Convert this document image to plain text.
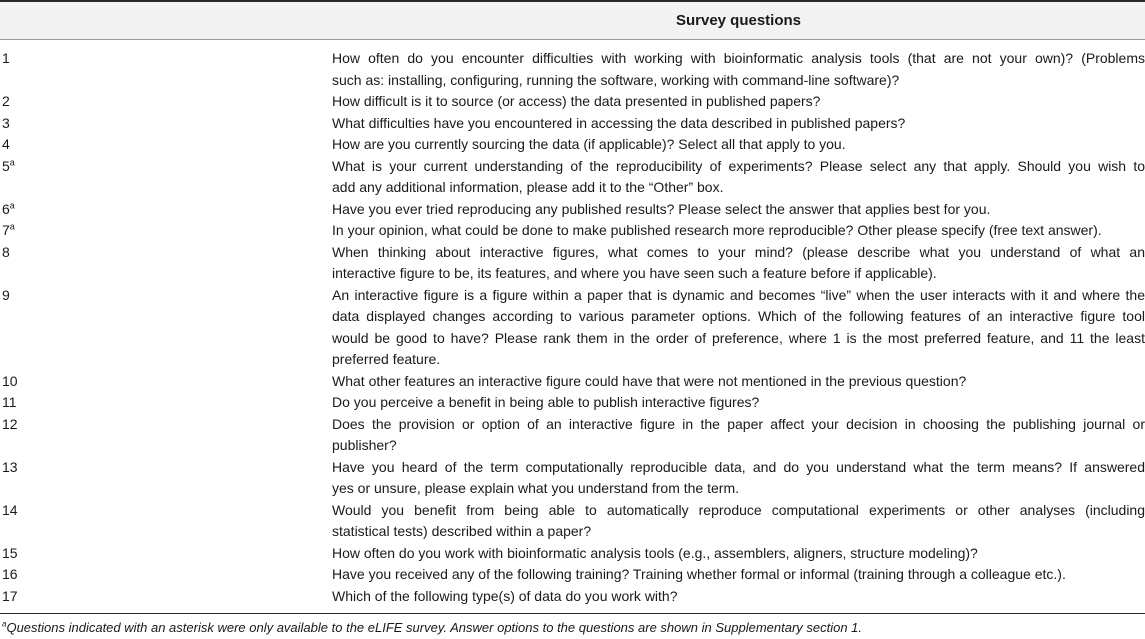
Survey questions
1	How often do you encounter difficulties with working with bioinformatic analysis tools (that are not your own)? (Problems
such as: installing, configuring, running the software, working with command-line software)?
2	How difficult is it to source (or access) the data presented in published papers?
3	What difficulties have you encountered in accessing the data described in published papers?
4	How are you currently sourcing the data (if applicable)? Select all that apply to you.
5$^a$	What is your current understanding of the reproducibility of experiments? Please select any that apply. Should you wish to
add any additional information, please add it to the “Other” box.
6$^a$	Have you ever tried reproducing any published results? Please select the answer that applies best for you.
7$^a$	In your opinion, what could be done to make published research more reproducible? Other please specify (free text answer).
8	When thinking about interactive figures, what comes to your mind? (please describe what you understand of what an
interactive figure to be, its features, and where you have seen such a feature before if applicable).
9	An interactive figure is a figure within a paper that is dynamic and becomes “live” when the user interacts with it and where the
data displayed changes according to various parameter options. Which of the following features of an interactive figure tool
would be good to have? Please rank them in the order of preference, where 1 is the most preferred feature, and 11 the least
preferred feature.
10	What other features an interactive figure could have that were not mentioned in the previous question?
11	Do you perceive a benefit in being able to publish interactive figures?
12	Does the provision or option of an interactive figure in the paper affect your decision in choosing the publishing journal or
publisher?
13	Have you heard of the term computationally reproducible data, and do you understand what the term means? If answered
yes or unsure, please explain what you understand from the term.
14	Would you benefit from being able to automatically reproduce computational experiments or other analyses (including
statistical tests) described within a paper?
15	How often do you work with bioinformatic analysis tools (e.g., assemblers, aligners, structure modeling)?
16	Have you received any of the following training? Training whether formal or informal (training through a colleague etc.).
17	Which of the following type(s) of data do you work with?
$^a$Questions indicated with an asterisk were only available to the eLIFE survey. Answer options to the questions are shown in Supplementary section 1.
